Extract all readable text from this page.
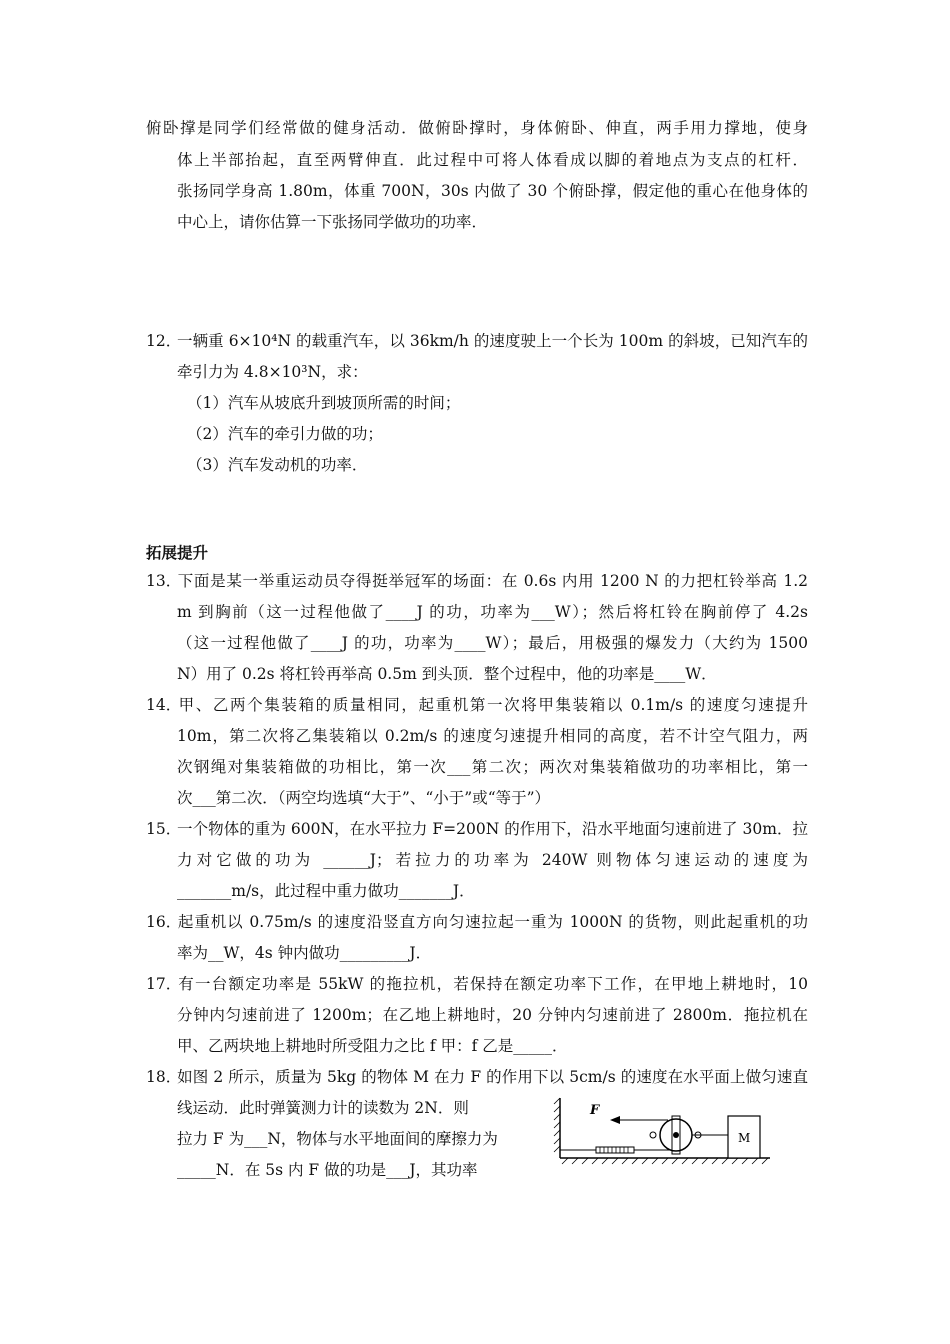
俯卧撑是同学们经常做的健身活动．做俯卧撑时，身体俯卧、伸直，两手用力撑地，使身
体上半部抬起，直至两臂伸直．此过程中可将人体看成以脚的着地点为支点的杠杆．
张扬同学身高 1.80m，体重 700N，30s 内做了 30 个俯卧撑，假定他的重心在他身体的
中心上，请你估算一下张扬同学做功的功率．
12．一辆重 6×10⁴N 的载重汽车，以 36km/h 的速度驶上一个长为 100m 的斜坡，已知汽车的
牵引力为 4.8×10³N，求：
（1）汽车从坡底升到坡顶所需的时间；
（2）汽车的牵引力做的功；
（3）汽车发动机的功率．
拓展提升
13．下面是某一举重运动员夺得挺举冠军的场面：在 0.6s 内用 1200 N 的力把杠铃举高 1.2
m 到胸前（这一过程他做了____J 的功，功率为___W）；然后将杠铃在胸前停了 4.2s
（这一过程他做了____J 的功，功率为____W）；最后，用极强的爆发力（大约为 1500
N）用了 0.2s 将杠铃再举高 0.5m 到头顶．整个过程中，他的功率是____W．
14．甲、乙两个集装箱的质量相同，起重机第一次将甲集装箱以 0.1m/s 的速度匀速提升
10m，第二次将乙集装箱以 0.2m/s 的速度匀速提升相同的高度，若不计空气阻力，两
次钢绳对集装箱做的功相比，第一次___第二次；两次对集装箱做功的功率相比，第一
次___第二次．（两空均选填“大于”、“小于”或“等于”）
15．一个物体的重为 600N，在水平拉力 F=200N 的作用下，沿水平地面匀速前进了 30m．拉
力对它做的功为 ______J；若拉力的功率为 240W 则物体匀速运动的速度为
_______m/s，此过程中重力做功_______J．
16．起重机以 0.75m/s 的速度沿竖直方向匀速拉起一重为 1000N 的货物，则此起重机的功
率为__W，4s 钟内做功_________J．
17．有一台额定功率是 55kW 的拖拉机，若保持在额定功率下工作，在甲地上耕地时，10
分钟内匀速前进了 1200m；在乙地上耕地时，20 分钟内匀速前进了 2800m．拖拉机在
甲、乙两块地上耕地时所受阻力之比 f 甲：f 乙是_____．
18．如图 2 所示，质量为 5kg 的物体 M 在力 F 的作用下以 5cm/s 的速度在水平面上做匀速直
线运动．此时弹簧测力计的读数为 2N．则
拉力 F 为___N，物体与水平地面间的摩擦力为
_____N．在 5s 内 F 做的功是___J，其功率
F
M
